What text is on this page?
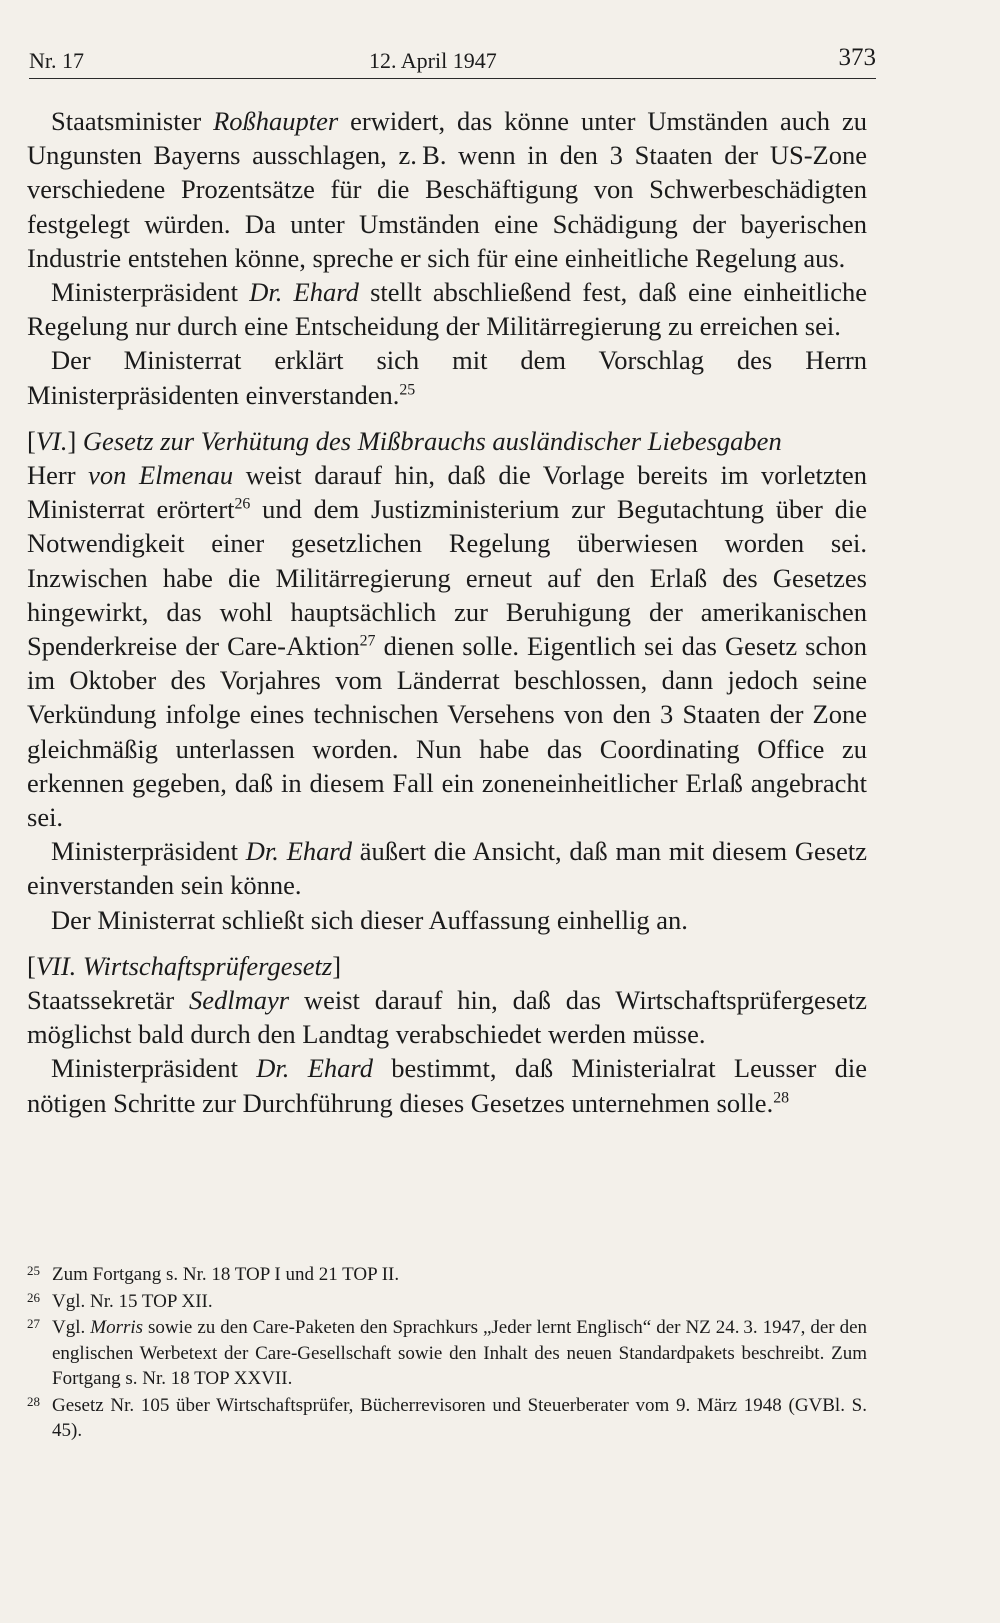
Nr. 17	12. April 1947	373

Staatsminister Roßhaupter erwidert, das könne unter Umständen auch zu Ungunsten Bayerns ausschlagen, z. B. wenn in den 3 Staaten der US-Zone verschiedene Prozentsätze für die Beschäftigung von Schwerbeschädigten festgelegt würden. Da unter Umständen eine Schädigung der bayerischen Industrie entstehen könne, spreche er sich für eine einheitliche Regelung aus.

Ministerpräsident Dr. Ehard stellt abschließend fest, daß eine einheitliche Regelung nur durch eine Entscheidung der Militärregierung zu erreichen sei.

Der Ministerrat erklärt sich mit dem Vorschlag des Herrn Ministerpräsidenten einverstanden.$^{25}$

[VI.] Gesetz zur Verhütung des Mißbrauchs ausländischer Liebesgaben

Herr von Elmenau weist darauf hin, daß die Vorlage bereits im vorletzten Ministerrat erörtert$^{26}$ und dem Justizministerium zur Begutachtung über die Notwendigkeit einer gesetzlichen Regelung überwiesen worden sei. Inzwischen habe die Militärregierung erneut auf den Erlaß des Gesetzes hingewirkt, das wohl hauptsächlich zur Beruhigung der amerikanischen Spenderkreise der Care-Aktion$^{27}$ dienen solle. Eigentlich sei das Gesetz schon im Oktober des Vorjahres vom Länderrat beschlossen, dann jedoch seine Verkündung infolge eines technischen Versehens von den 3 Staaten der Zone gleichmäßig unterlassen worden. Nun habe das Coordinating Office zu erkennen gegeben, daß in diesem Fall ein zoneneinheitlicher Erlaß angebracht sei.

Ministerpräsident Dr. Ehard äußert die Ansicht, daß man mit diesem Gesetz einverstanden sein könne.

Der Ministerrat schließt sich dieser Auffassung einhellig an.

[VII. Wirtschaftsprüfergesetz]

Staatssekretär Sedlmayr weist darauf hin, daß das Wirtschaftsprüfergesetz möglichst bald durch den Landtag verabschiedet werden müsse.

Ministerpräsident Dr. Ehard bestimmt, daß Ministerialrat Leusser die nötigen Schritte zur Durchführung dieses Gesetzes unternehmen solle.$^{28}$

25 Zum Fortgang s. Nr. 18 TOP I und 21 TOP II.
26 Vgl. Nr. 15 TOP XII.
27 Vgl. Morris sowie zu den Care-Paketen den Sprachkurs „Jeder lernt Englisch“ der NZ 24. 3. 1947, der den englischen Werbetext der Care-Gesellschaft sowie den Inhalt des neuen Standardpakets beschreibt. Zum Fortgang s. Nr. 18 TOP XXVII.
28 Gesetz Nr. 105 über Wirtschaftsprüfer, Bücherrevisoren und Steuerberater vom 9. März 1948 (GVBl. S. 45).
